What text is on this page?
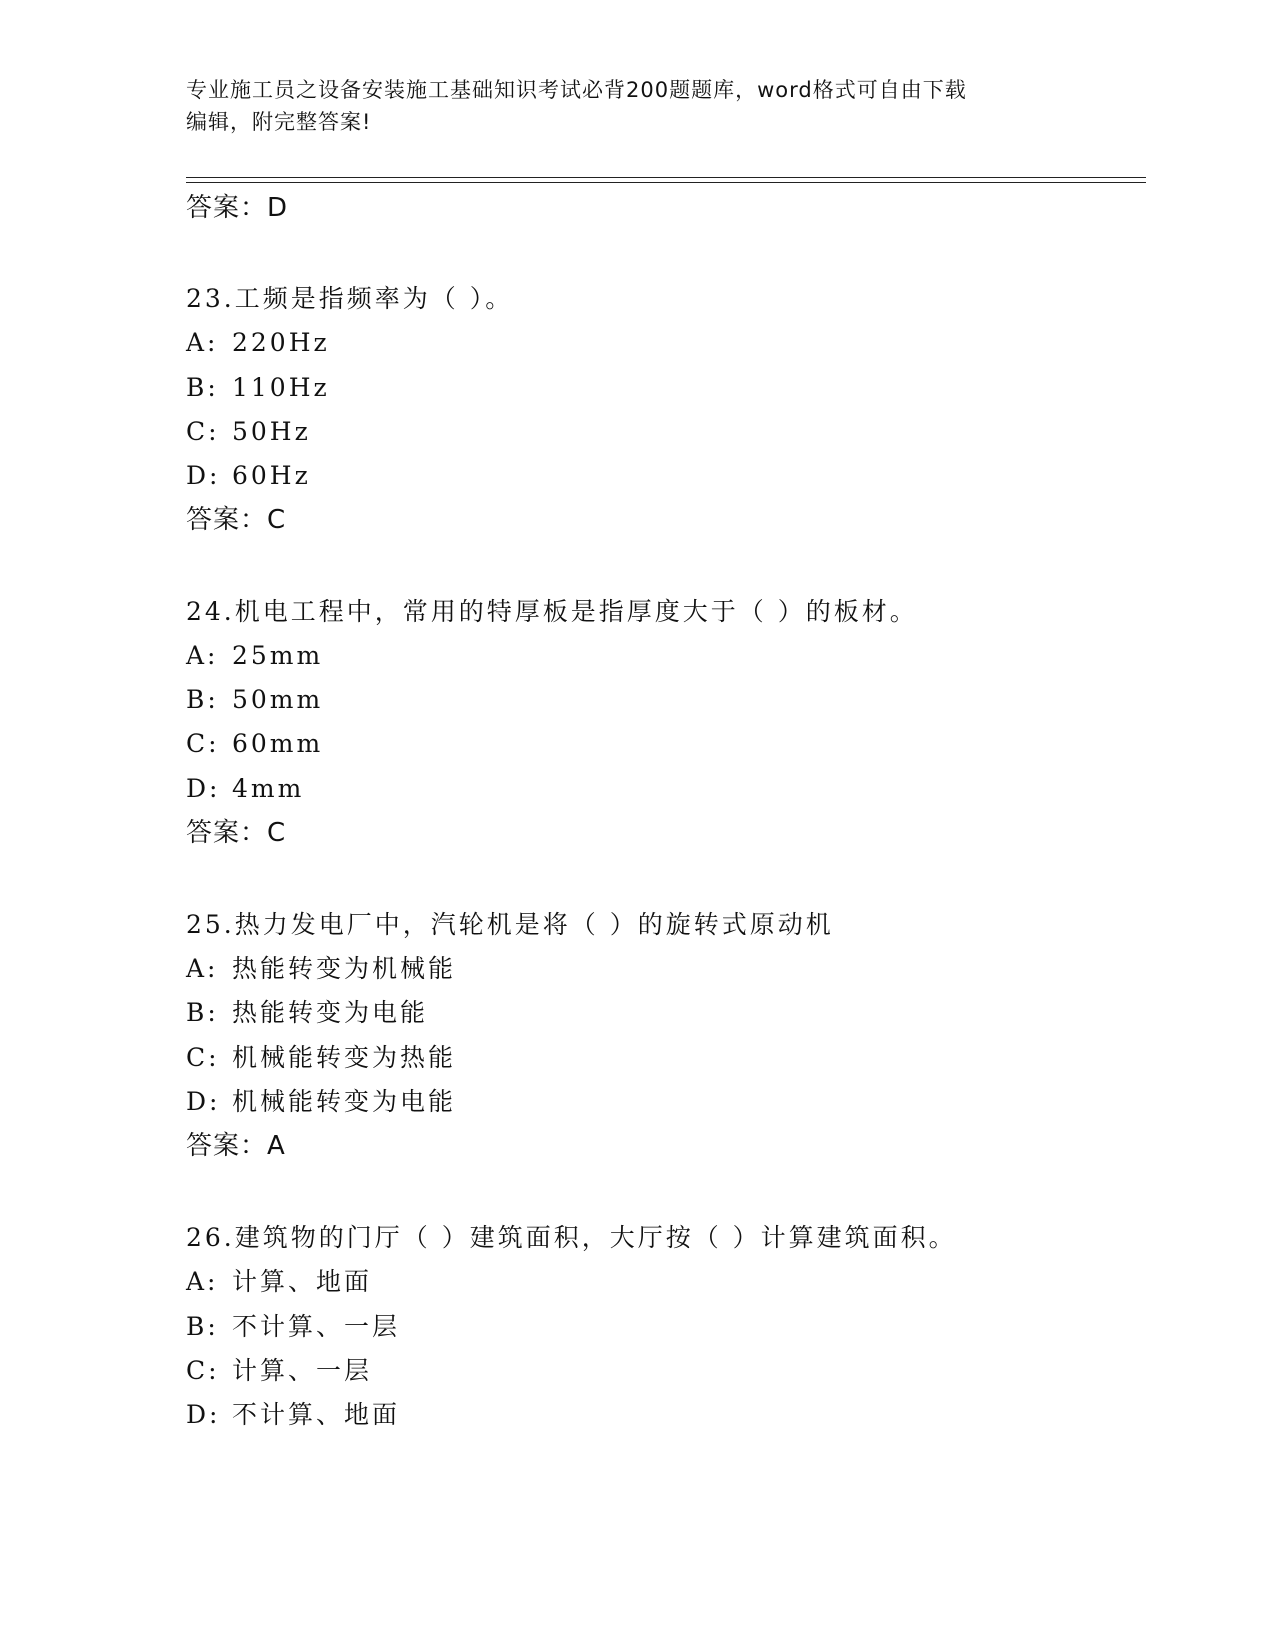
专业施工员之设备安装施工基础知识考试必背200题题库，word格式可自由下载
编辑，附完整答案!
答案：D
23.工频是指频率为（ ）。
A: 220Hz
B: 110Hz
C: 50Hz
D: 60Hz
答案：C
24.机电工程中，常用的特厚板是指厚度大于（ ）的板材。
A: 25mm
B: 50mm
C: 60mm
D: 4mm
答案：C
25.热力发电厂中，汽轮机是将（ ）的旋转式原动机
A: 热能转变为机械能
B: 热能转变为电能
C: 机械能转变为热能
D: 机械能转变为电能
答案：A
26.建筑物的门厅（ ）建筑面积，大厅按（ ）计算建筑面积。
A: 计算、地面
B: 不计算、一层
C: 计算、一层
D: 不计算、地面
